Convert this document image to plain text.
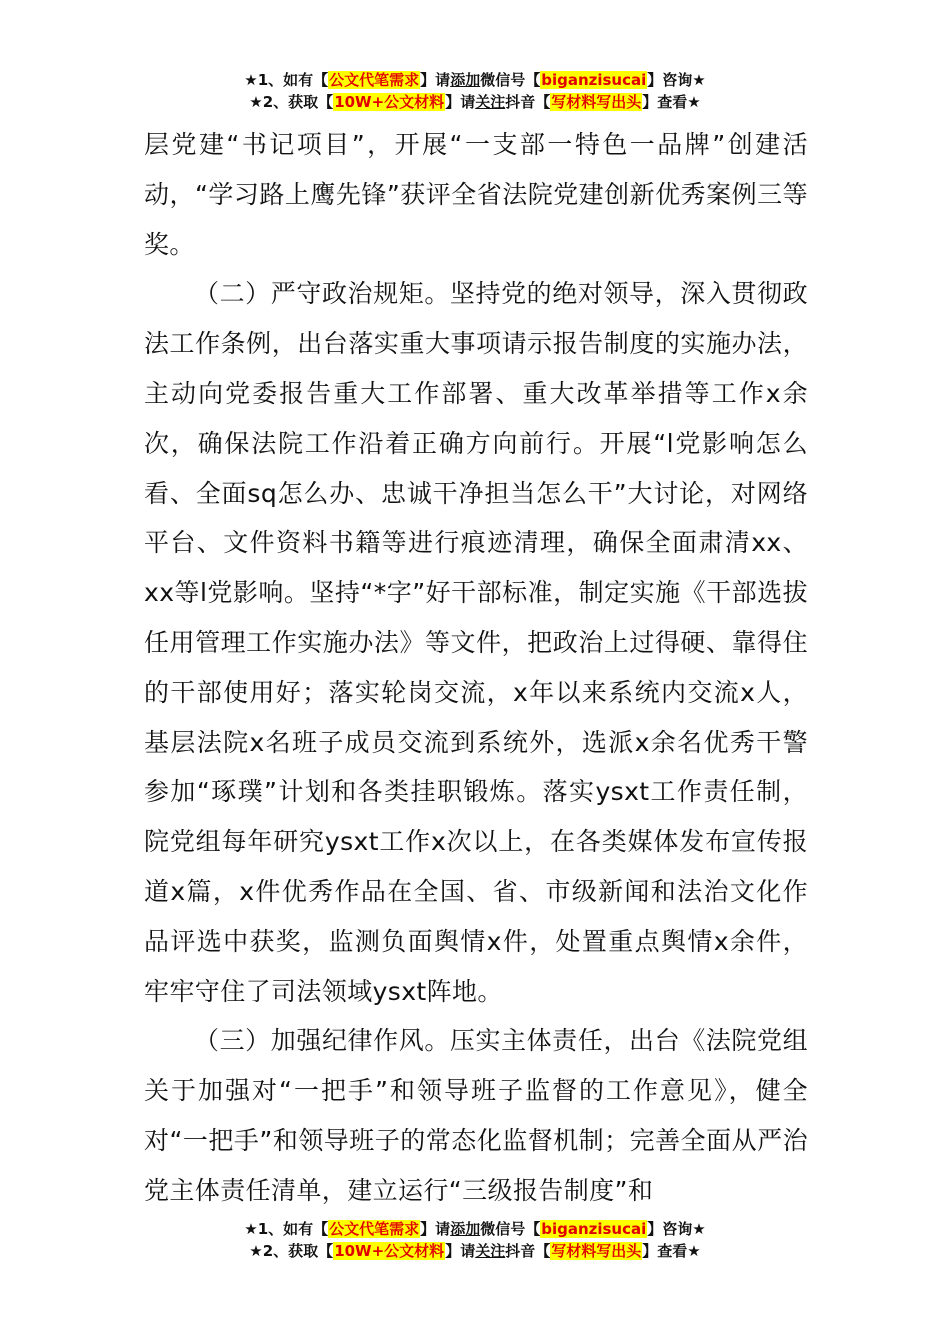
★1、如有【公文代笔需求】请添加微信号【biganzisucai】咨询★
★2、获取【10W+公文材料】请关注抖音【写材料写出头】查看★

层党建“书记项目”，开展“一支部一特色一品牌”创建活动，“学习路上鹰先锋”获评全省法院党建创新优秀案例三等奖。

（二）严守政治规矩。坚持党的绝对领导，深入贯彻政法工作条例，出台落实重大事项请示报告制度的实施办法，主动向党委报告重大工作部署、重大改革举措等工作x余次，确保法院工作沿着正确方向前行。开展“l党影响怎么看、全面sq怎么办、忠诚干净担当怎么干”大讨论，对网络平台、文件资料书籍等进行痕迹清理，确保全面肃清xx、xx等l党影响。坚持“*字”好干部标准，制定实施《干部选拔任用管理工作实施办法》等文件，把政治上过得硬、靠得住的干部使用好；落实轮岗交流，x年以来系统内交流x人，基层法院x名班子成员交流到系统外，选派x余名优秀干警参加“琢璞”计划和各类挂职锻炼。落实ysxt工作责任制，院党组每年研究ysxt工作x次以上，在各类媒体发布宣传报道x篇，x件优秀作品在全国、省、市级新闻和法治文化作品评选中获奖，监测负面舆情x件，处置重点舆情x余件，牢牢守住了司法领域ysxt阵地。

（三）加强纪律作风。压实主体责任，出台《法院党组关于加强对“一把手”和领导班子监督的工作意见》，健全对“一把手”和领导班子的常态化监督机制；完善全面从严治党主体责任清单，建立运行“三级报告制度”和

★1、如有【公文代笔需求】请添加微信号【biganzisucai】咨询★
★2、获取【10W+公文材料】请关注抖音【写材料写出头】查看★
